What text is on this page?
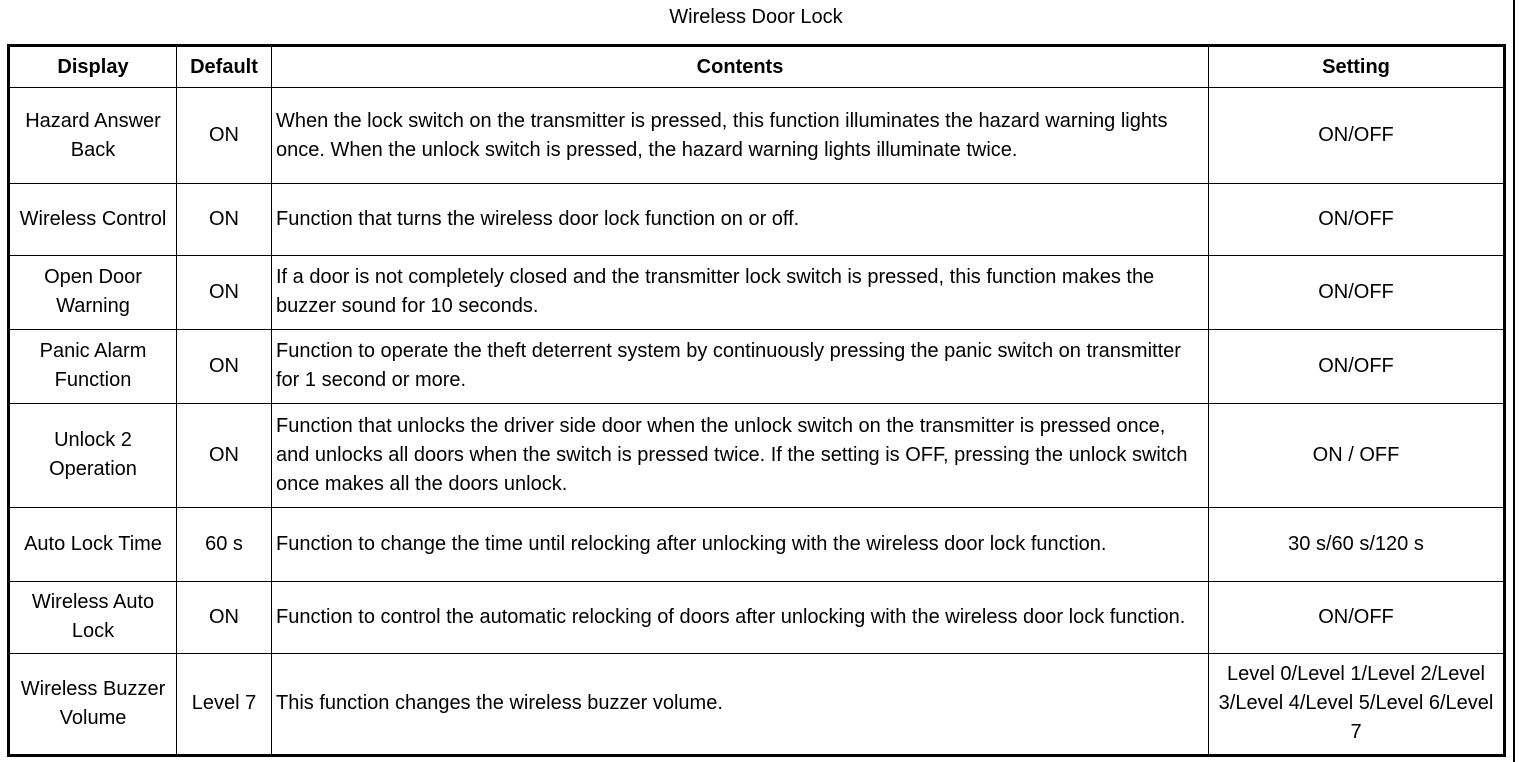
Wireless Door Lock
Display	Default	Contents	Setting
Hazard Answer Back	ON	When the lock switch on the transmitter is pressed, this function illuminates the hazard warning lights once. When the unlock switch is pressed, the hazard warning lights illuminate twice.	ON/OFF
Wireless Control	ON	Function that turns the wireless door lock function on or off.	ON/OFF
Open Door Warning	ON	If a door is not completely closed and the transmitter lock switch is pressed, this function makes the buzzer sound for 10 seconds.	ON/OFF
Panic Alarm Function	ON	Function to operate the theft deterrent system by continuously pressing the panic switch on transmitter for 1 second or more.	ON/OFF
Unlock 2 Operation	ON	Function that unlocks the driver side door when the unlock switch on the transmitter is pressed once, and unlocks all doors when the switch is pressed twice. If the setting is OFF, pressing the unlock switch once makes all the doors unlock.	ON / OFF
Auto Lock Time	60 s	Function to change the time until relocking after unlocking with the wireless door lock function.	30 s/60 s/120 s
Wireless Auto Lock	ON	Function to control the automatic relocking of doors after unlocking with the wireless door lock function.	ON/OFF
Wireless Buzzer Volume	Level 7	This function changes the wireless buzzer volume.	Level 0/Level 1/Level 2/Level 3/Level 4/Level 5/Level 6/Level 7
